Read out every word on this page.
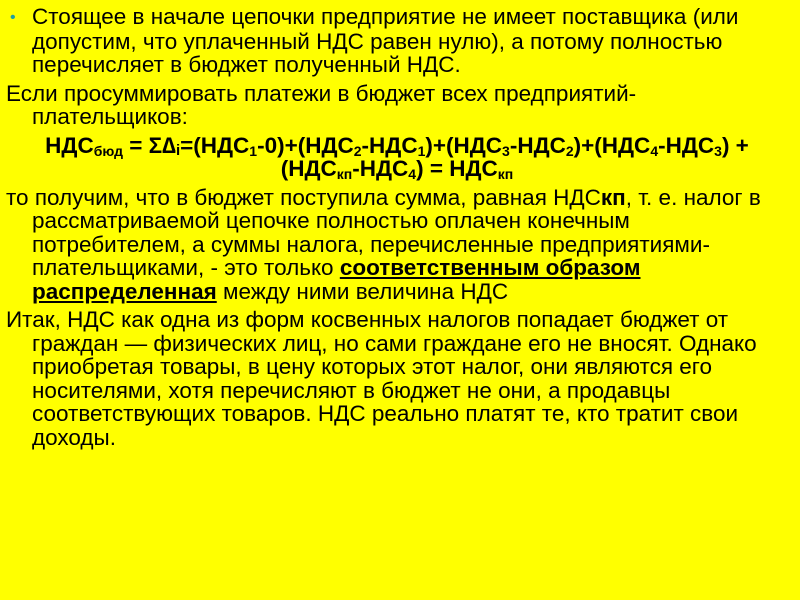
• Стоящее в начале цепочки предприятие не имеет поставщика (или допустим, что уплаченный НДС равен нулю), а потому полностью перечисляет в бюджет полученный НДС.

Если просуммировать платежи в бюджет всех предприятий-плательщиков:

$НДС_{бюд} = \Sigma\Delta_i=(НДС_1-0)+(НДС_2-НДС_1)+(НДС_3-НДС_2)+(НДС_4-НДС_3) + (НДС_{кп}-НДС_4) = НДС_{кп}$

то получим, что в бюджет поступила сумма, равная НДСкп, т. е. налог в рассматриваемой цепочке полностью оплачен конечным потребителем, а суммы налога, перечисленные предприятиями-плательщиками, - это только соответственным образом распределенная между ними величина НДС

Итак, НДС как одна из форм косвенных налогов попадает бюджет от граждан — физических лиц, но сами граждане его не вносят. Однако приобретая товары, в цену которых этот налог, они являются его носителями, хотя перечисляют в бюджет не они, а продавцы соответствующих товаров. НДС реально платят те, кто тратит свои доходы.
